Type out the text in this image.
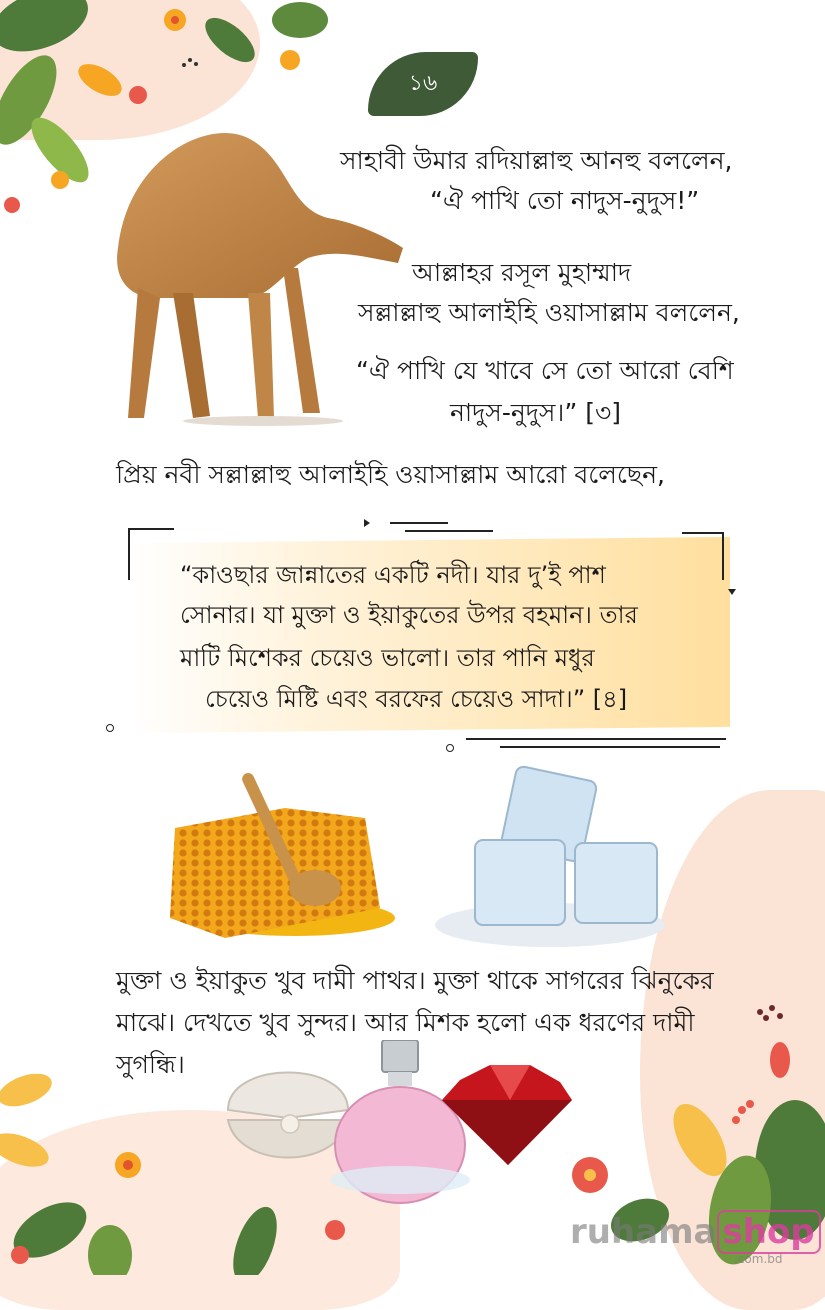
১৬
সাহাবী উমার রদিয়াল্লাহু আনহু বললেন,
“ঐ পাখি তো নাদুস-নুদুস!”
আল্লাহর রসূল মুহাম্মাদ
সল্লাল্লাহু আলাইহি ওয়াসাল্লাম বললেন,
“ঐ পাখি যে খাবে সে তো আরো বেশি
নাদুস-নুদুস।” [৩]
প্রিয় নবী সল্লাল্লাহু আলাইহি ওয়াসাল্লাম আরো বলেছেন,
“কাওছার জান্নাতের একটি নদী। যার দু’ই পাশ
সোনার। যা মুক্তা ও ইয়াকুতের উপর বহমান। তার
মাটি মিশেকর চেয়েও ভালো। তার পানি মধুর
চেয়েও মিষ্টি এবং বরফের চেয়েও সাদা।” [৪]
মুক্তা ও ইয়াকুত খুব দামী পাথর। মুক্তা থাকে সাগরের ঝিনুকের
মাঝে। দেখতে খুব সুন্দর। আর মিশক হলো এক ধরণের দামী
সুগন্ধি।
ruhama shop
.com.bd
